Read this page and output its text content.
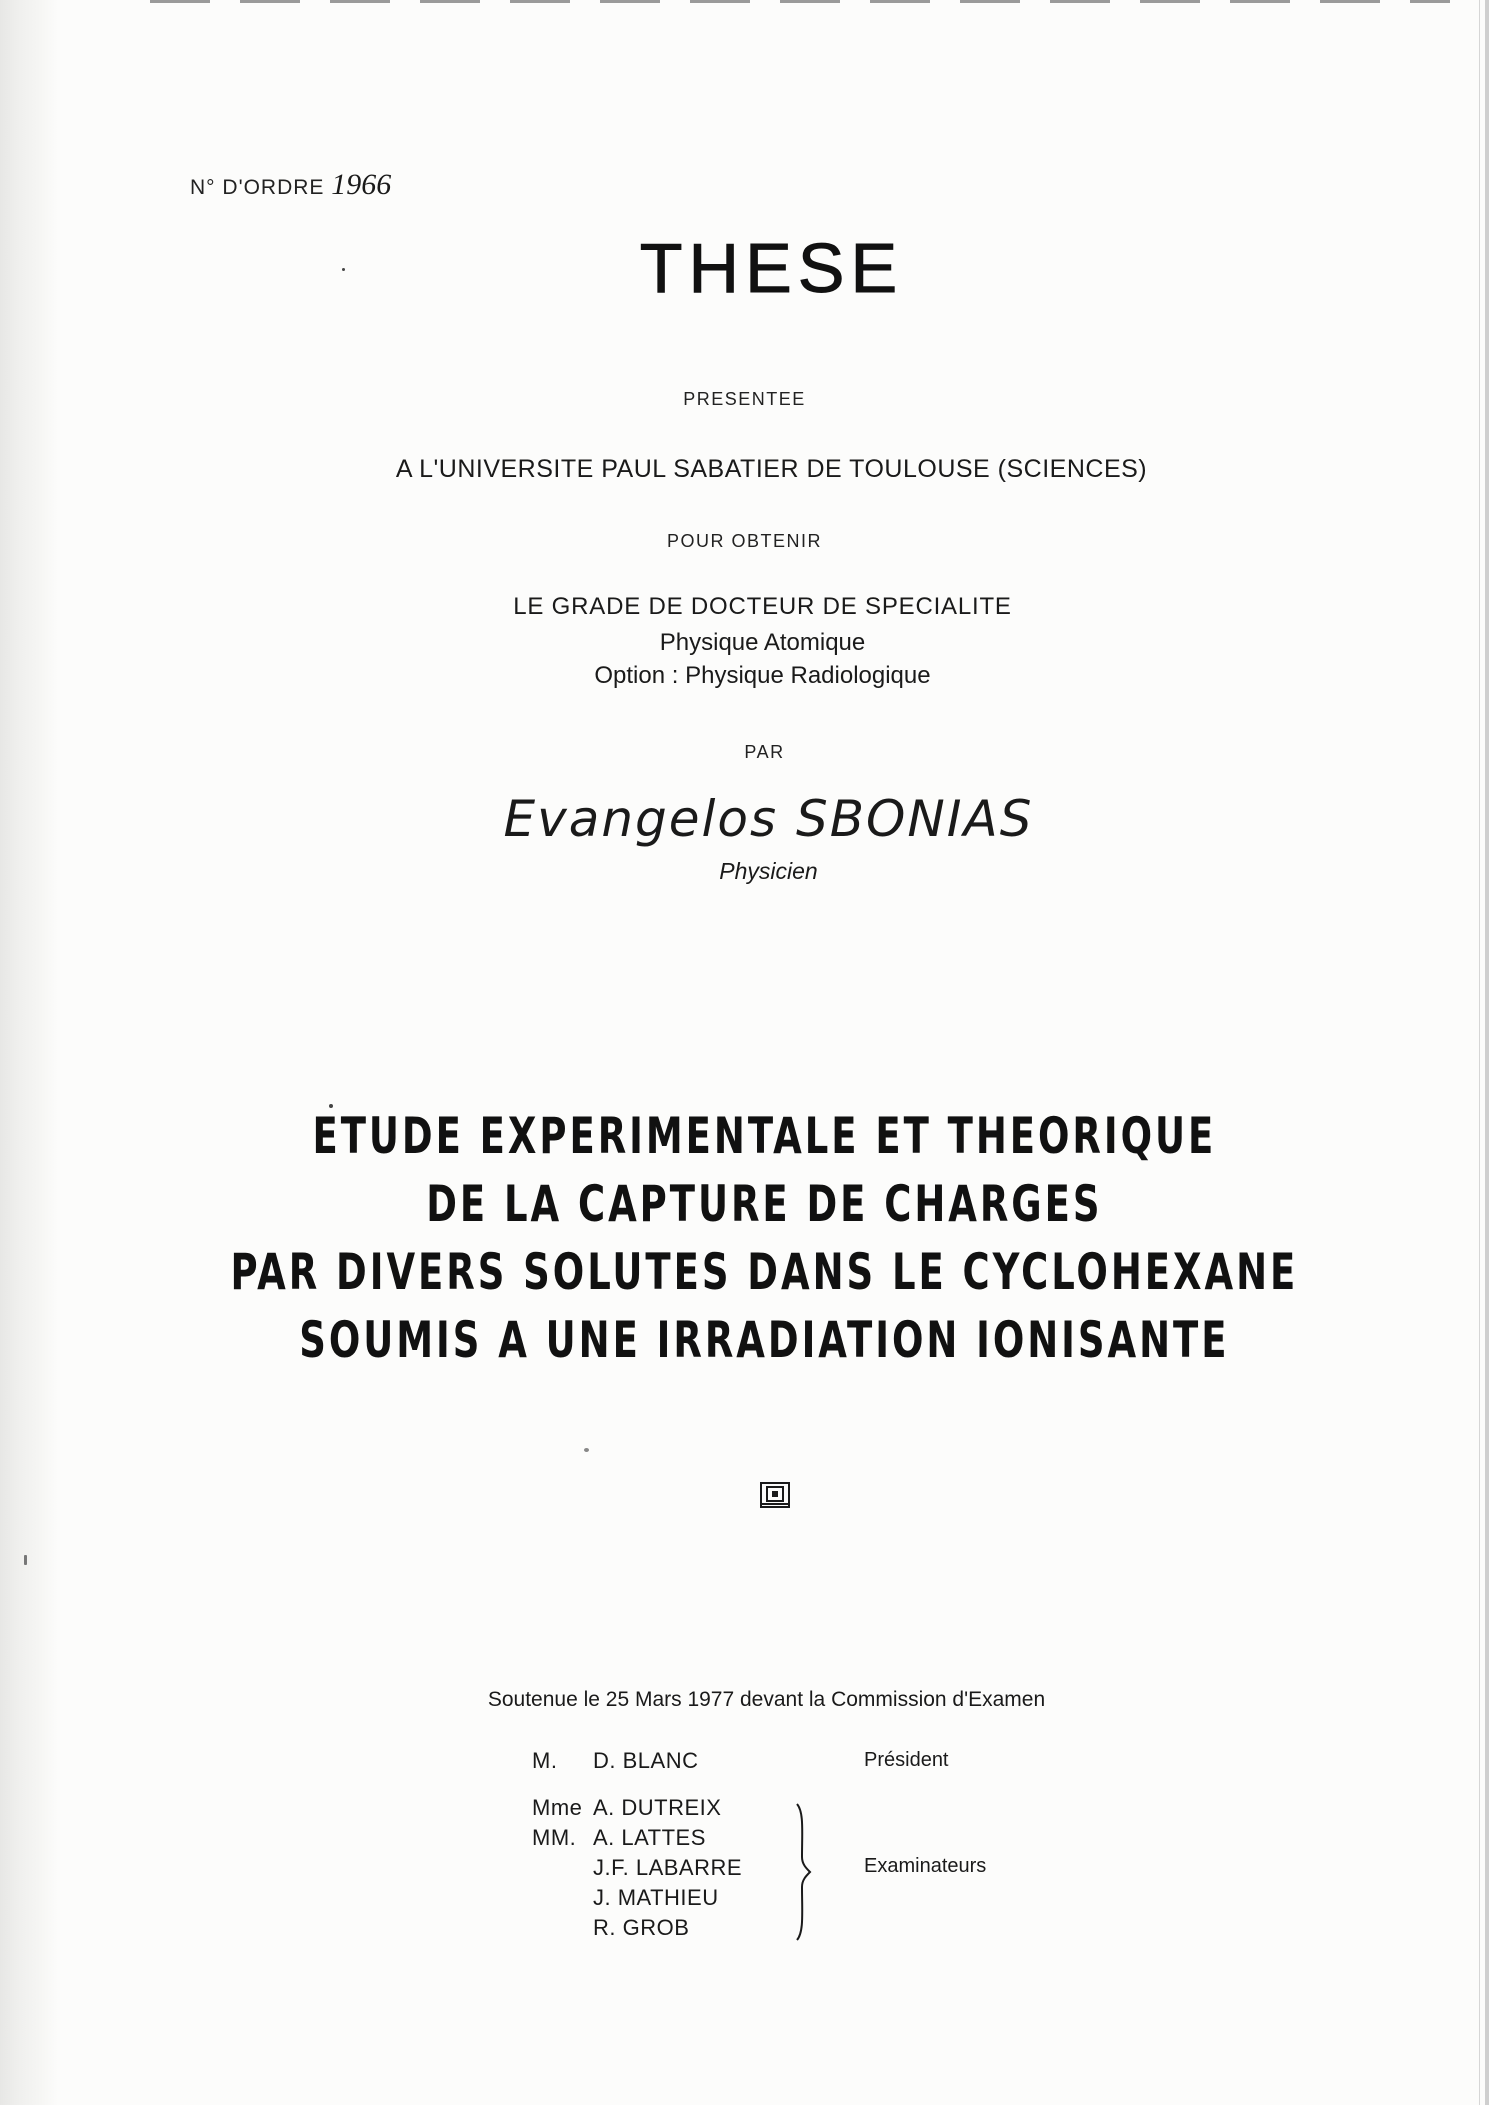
N° D'ORDRE 1966
THESE
PRESENTEE
A L'UNIVERSITE PAUL SABATIER DE TOULOUSE (SCIENCES)
POUR OBTENIR
LE GRADE DE DOCTEUR DE SPECIALITE
Physique Atomique
Option : Physique Radiologique
PAR
Evangelos SBONIAS
Physicien
ETUDE EXPERIMENTALE ET THEORIQUE
DE LA CAPTURE DE CHARGES
PAR DIVERS SOLUTES DANS LE CYCLOHEXANE
SOUMIS A UNE IRRADIATION IONISANTE
Soutenue le 25 Mars 1977 devant la Commission d'Examen
M. D. BLANC	Président
Mme A. DUTREIX
MM. A. LATTES
J.F. LABARRE
J. MATHIEU
R. GROB
Examinateurs
